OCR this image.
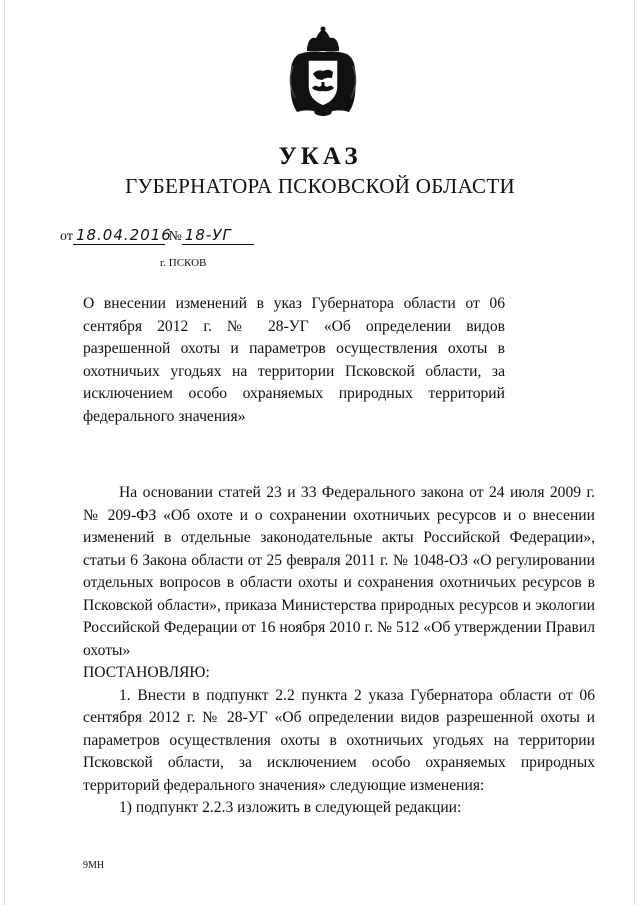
УКАЗ
ГУБЕРНАТОРА ПСКОВСКОЙ ОБЛАСТИ
от 18.04.2016 № 18-УГ
г. ПСКОВ
О внесении изменений в указ Губернатора области от 06 сентября 2012 г. № 28-УГ «Об определении видов разрешенной охоты и параметров осуществления охоты в охотничьих угодьях на территории Псковской области, за исключением особо охраняемых природных территорий федерального значения»

На основании статей 23 и 33 Федерального закона от 24 июля 2009 г. № 209-ФЗ «Об охоте и о сохранении охотничьих ресурсов и о внесении изменений в отдельные законодательные акты Российской Федерации», статьи 6 Закона области от 25 февраля 2011 г. № 1048-ОЗ «О регулировании отдельных вопросов в области охоты и сохранения охотничьих ресурсов в Псковской области», приказа Министерства природных ресурсов и экологии Российской Федерации от 16 ноября 2010 г. № 512 «Об утверждении Правил охоты»

ПОСТАНОВЛЯЮ:

1. Внести в подпункт 2.2 пункта 2 указа Губернатора области от 06 сентября 2012 г. № 28-УГ «Об определении видов разрешенной охоты и параметров осуществления охоты в охотничьих угодьях на территории Псковской области, за исключением особо охраняемых природных территорий федерального значения» следующие изменения:

1) подпункт 2.2.3 изложить в следующей редакции:

9МН
